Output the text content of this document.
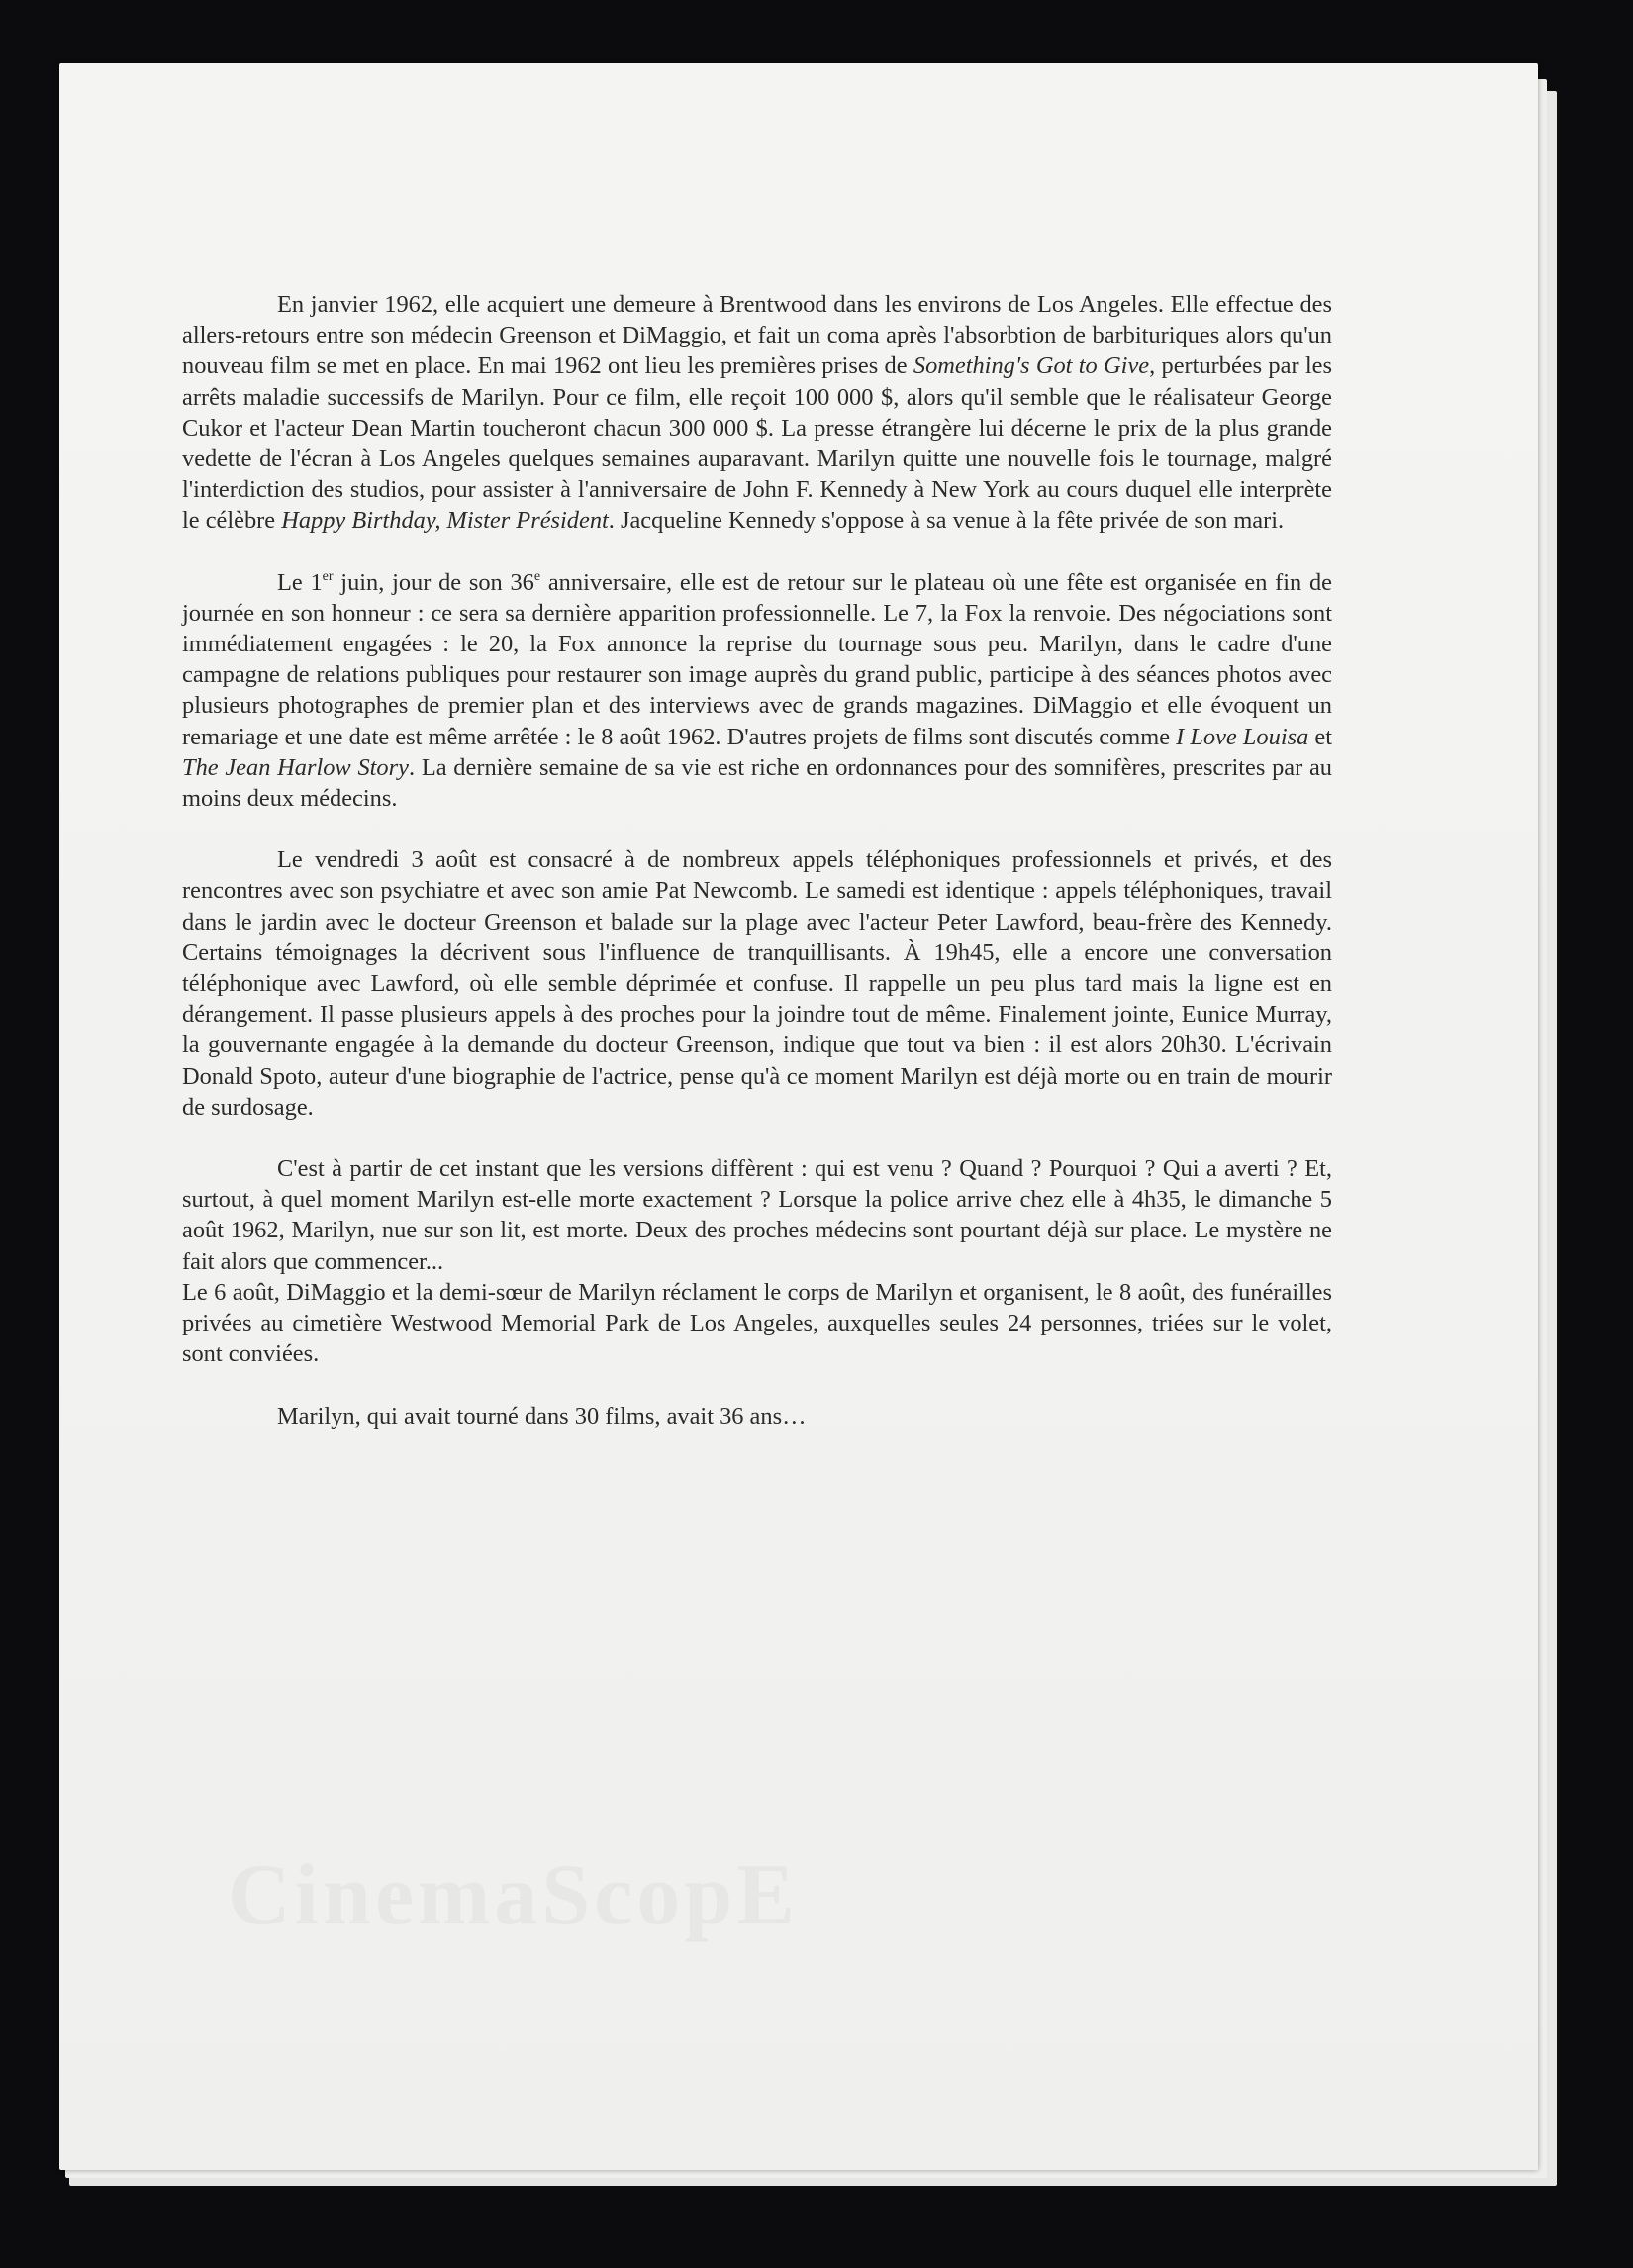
En janvier 1962, elle acquiert une demeure à Brentwood dans les environs de Los Angeles. Elle effectue des allers-retours entre son médecin Greenson et DiMaggio, et fait un coma après l'absorbtion de barbituriques alors qu'un nouveau film se met en place. En mai 1962 ont lieu les premières prises de Something's Got to Give, perturbées par les arrêts maladie successifs de Marilyn. Pour ce film, elle reçoit 100 000 $, alors qu'il semble que le réalisateur George Cukor et l'acteur Dean Martin toucheront chacun 300 000 $. La presse étrangère lui décerne le prix de la plus grande vedette de l'écran à Los Angeles quelques semaines auparavant. Marilyn quitte une nouvelle fois le tournage, malgré l'interdiction des studios, pour assister à l'anniversaire de John F. Kennedy à New York au cours duquel elle interprète le célèbre Happy Birthday, Mister Président. Jacqueline Kennedy s'oppose à sa venue à la fête privée de son mari.

Le 1er juin, jour de son 36e anniversaire, elle est de retour sur le plateau où une fête est organisée en fin de journée en son honneur : ce sera sa dernière apparition professionnelle. Le 7, la Fox la renvoie. Des négociations sont immédiatement engagées : le 20, la Fox annonce la reprise du tournage sous peu. Marilyn, dans le cadre d'une campagne de relations publiques pour restaurer son image auprès du grand public, participe à des séances photos avec plusieurs photographes de premier plan et des interviews avec de grands magazines. DiMaggio et elle évoquent un remariage et une date est même arrêtée : le 8 août 1962. D'autres projets de films sont discutés comme I Love Louisa et The Jean Harlow Story. La dernière semaine de sa vie est riche en ordonnances pour des somnifères, prescrites par au moins deux médecins.

Le vendredi 3 août est consacré à de nombreux appels téléphoniques professionnels et privés, et des rencontres avec son psychiatre et avec son amie Pat Newcomb. Le samedi est identique : appels téléphoniques, travail dans le jardin avec le docteur Greenson et balade sur la plage avec l'acteur Peter Lawford, beau-frère des Kennedy. Certains témoignages la décrivent sous l'influence de tranquillisants. À 19h45, elle a encore une conversation téléphonique avec Lawford, où elle semble déprimée et confuse. Il rappelle un peu plus tard mais la ligne est en dérangement. Il passe plusieurs appels à des proches pour la joindre tout de même. Finalement jointe, Eunice Murray, la gouvernante engagée à la demande du docteur Greenson, indique que tout va bien : il est alors 20h30. L'écrivain Donald Spoto, auteur d'une biographie de l'actrice, pense qu'à ce moment Marilyn est déjà morte ou en train de mourir de surdosage.

C'est à partir de cet instant que les versions diffèrent : qui est venu ? Quand ? Pourquoi ? Qui a averti ? Et, surtout, à quel moment Marilyn est-elle morte exactement ? Lorsque la police arrive chez elle à 4h35, le dimanche 5 août 1962, Marilyn, nue sur son lit, est morte. Deux des proches médecins sont pourtant déjà sur place. Le mystère ne fait alors que commencer...

Le 6 août, DiMaggio et la demi-sœur de Marilyn réclament le corps de Marilyn et organisent, le 8 août, des funérailles privées au cimetière Westwood Memorial Park de Los Angeles, auxquelles seules 24 personnes, triées sur le volet, sont conviées.

Marilyn, qui avait tourné dans 30 films, avait 36 ans…
